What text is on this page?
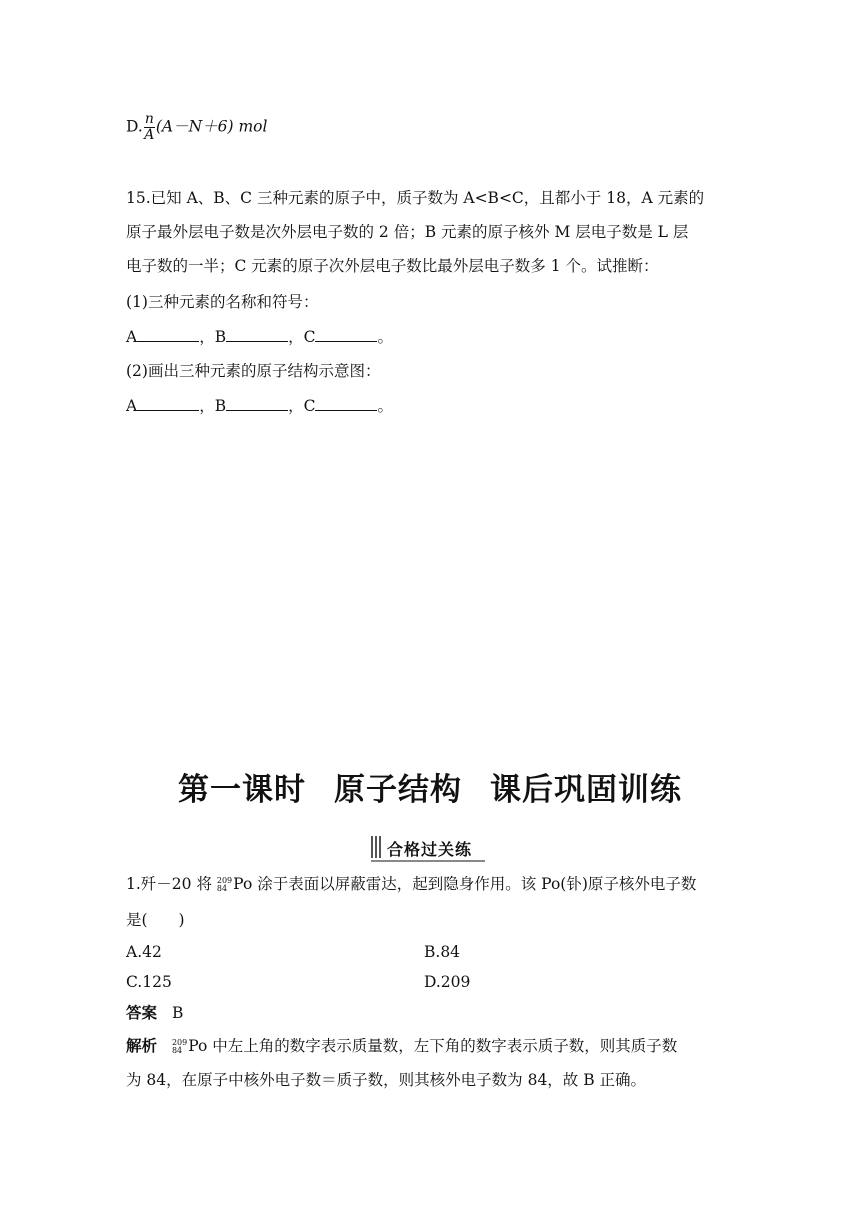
D. $\frac{n}{A} (A-N+6)$ mol
15.已知 A、B、C 三种元素的原子中，质子数为 A<B<C，且都小于 18，A 元素的
原子最外层电子数是次外层电子数的 2 倍；B 元素的原子核外 M 层电子数是 L 层
电子数的一半；C 元素的原子次外层电子数比最外层电子数多 1 个。试推断：
(1)三种元素的名称和符号：
A	，B	，C	。
(2)画出三种元素的原子结构示意图：
A	，B	，C	。
第一课时 原子结构 课后巩固训练
合格过关练
1.歼－20 将 209
84 Po 涂于表面以屏蔽雷达，起到隐身作用。该 Po(钋)原子核外电子数
是(　　)
A.42	B.84
C.125	D.209
答案 B
解析 209
84 Po 中左上角的数字表示质量数，左下角的数字表示质子数，则其质子数
为 84，在原子中核外电子数＝质子数，则其核外电子数为 84，故 B 正确。
